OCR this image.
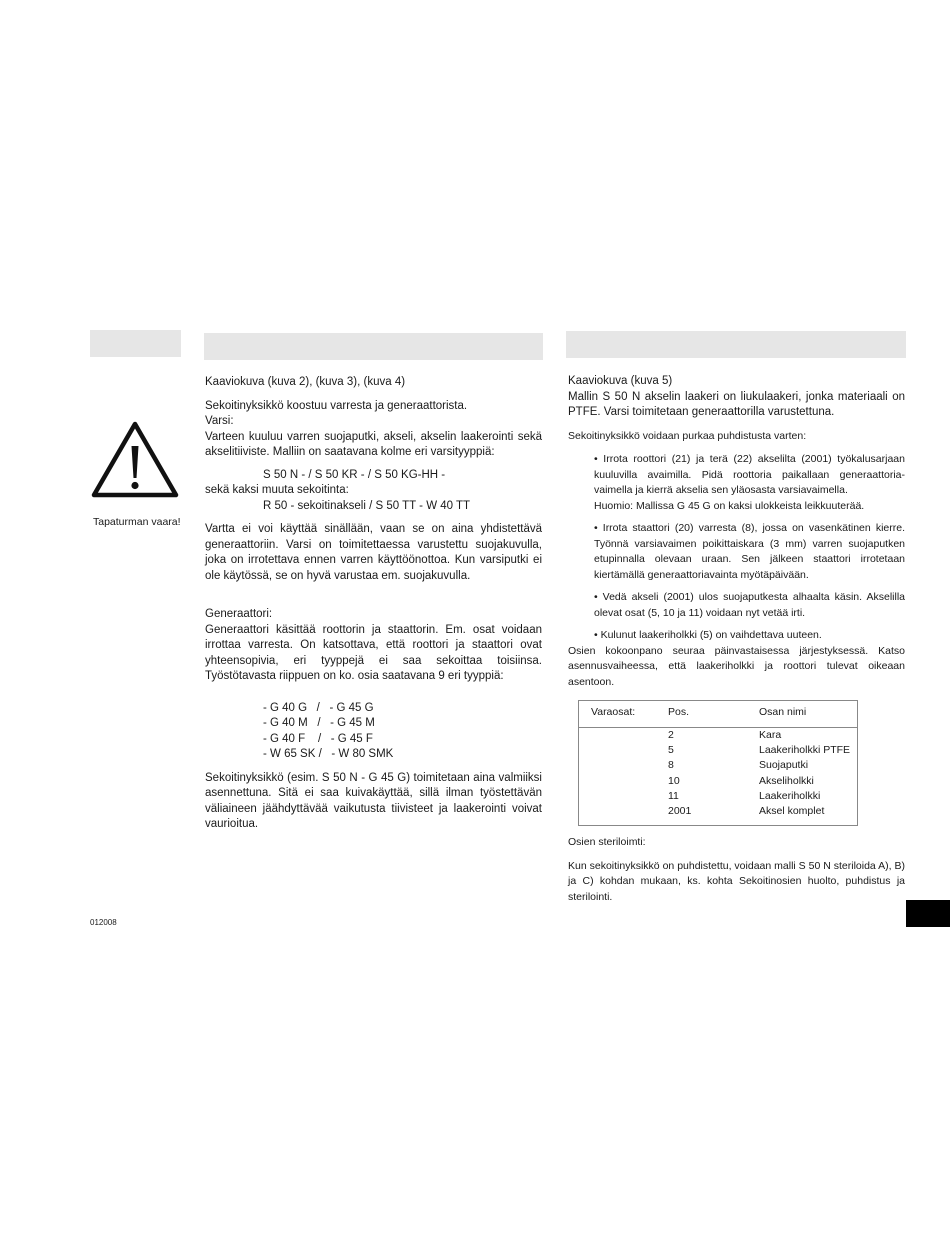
Tapaturman vaara!
012008

Kaaviokuva (kuva 2), (kuva 3), (kuva 4)

Sekoitinyksikkö koostuu varresta ja generaattorista.

Varsi:

Varteen kuuluu varren suojaputki, akseli, akselin laakerointi sekä akselitiiviste. Malliin on saatavana kolme eri varsityyppiä:

S 50 N - / S 50 KR - / S 50 KG-HH -

sekä kaksi muuta sekoitinta:

R 50 - sekoitinakseli / S 50 TT - W 40 TT

Vartta ei voi käyttää sinällään, vaan se on aina yhdistettävä generaattoriin. Varsi on toimitettaessa varustettu suojakuvulla, joka on irrotettava ennen varren käyttöönottoa. Kun varsiputki ei ole käytössä, se on hyvä varustaa em. suojakuvulla.

Generaattori:

Generaattori käsittää roottorin ja staattorin. Em. osat voidaan irrottaa varresta. On katsottava, että roottori ja staattori ovat yhteensopivia, eri tyyppejä ei saa sekoittaa toisiinsa. Työstötavasta riippuen on ko. osia saatavana 9 eri tyyppiä:

- G 40 G   /   - G 45 G

- G 40 M   /   - G 45 M

- G 40 F    /   - G 45 F

- W 65 SK /   - W 80 SMK

Sekoitinyksikkö (esim. S 50 N - G 45 G) toimitetaan aina valmiiksi asennettuna. Sitä ei saa kuivakäyttää, sillä ilman työstettävän väliaineen jäähdyttävää vaikutusta tiivisteet ja laakerointi voivat vaurioitua.

Kaaviokuva (kuva 5)

Mallin S 50 N akselin laakeri on liukulaakeri, jonka materiaali on PTFE. Varsi toimitetaan generaattorilla varustettuna.

Sekoitinyksikkö voidaan purkaa puhdistusta varten:

• Irrota roottori (21) ja terä (22) akselilta (2001) työkalusarjaan kuuluvilla avaimilla. Pidä roottoria paikallaan generaattoria-vaimella ja kierrä akselia sen yläosasta varsiavaimella.

Huomio: Mallissa G 45 G on kaksi ulokkeista leikkuuterää.

• Irrota staattori (20) varresta (8), jossa on vasenkätinen kierre. Työnnä varsiavaimen poikittaiskara (3 mm) varren suojaputken etupinnalla olevaan uraan. Sen jälkeen staattori irrotetaan kiertämällä generaattoriavainta myötäpäivään.

• Vedä akseli (2001) ulos suojaputkesta alhaalta käsin. Akselilla olevat osat (5, 10 ja 11) voidaan nyt vetää irti.

• Kulunut laakeriholkki (5) on vaihdettava uuteen.

Osien kokoonpano seuraa päinvastaisessa järjestyksessä. Katso asennusvaiheessa, että laakeriholkki ja roottori tulevat oikeaan asentoon.

Varaosat:	Pos.	Osan nimi
2	Kara
5	Laakeriholkki PTFE
8	Suojaputki
10	Akseliholkki
11	Laakeriholkki
2001	Aksel komplet

Osien steriloimti:

Kun sekoitinyksikkö on puhdistettu, voidaan malli S 50 N steriloida A), B) ja C) kohdan mukaan, ks. kohta Sekoitinosien huolto, puhdistus ja sterilointi.
